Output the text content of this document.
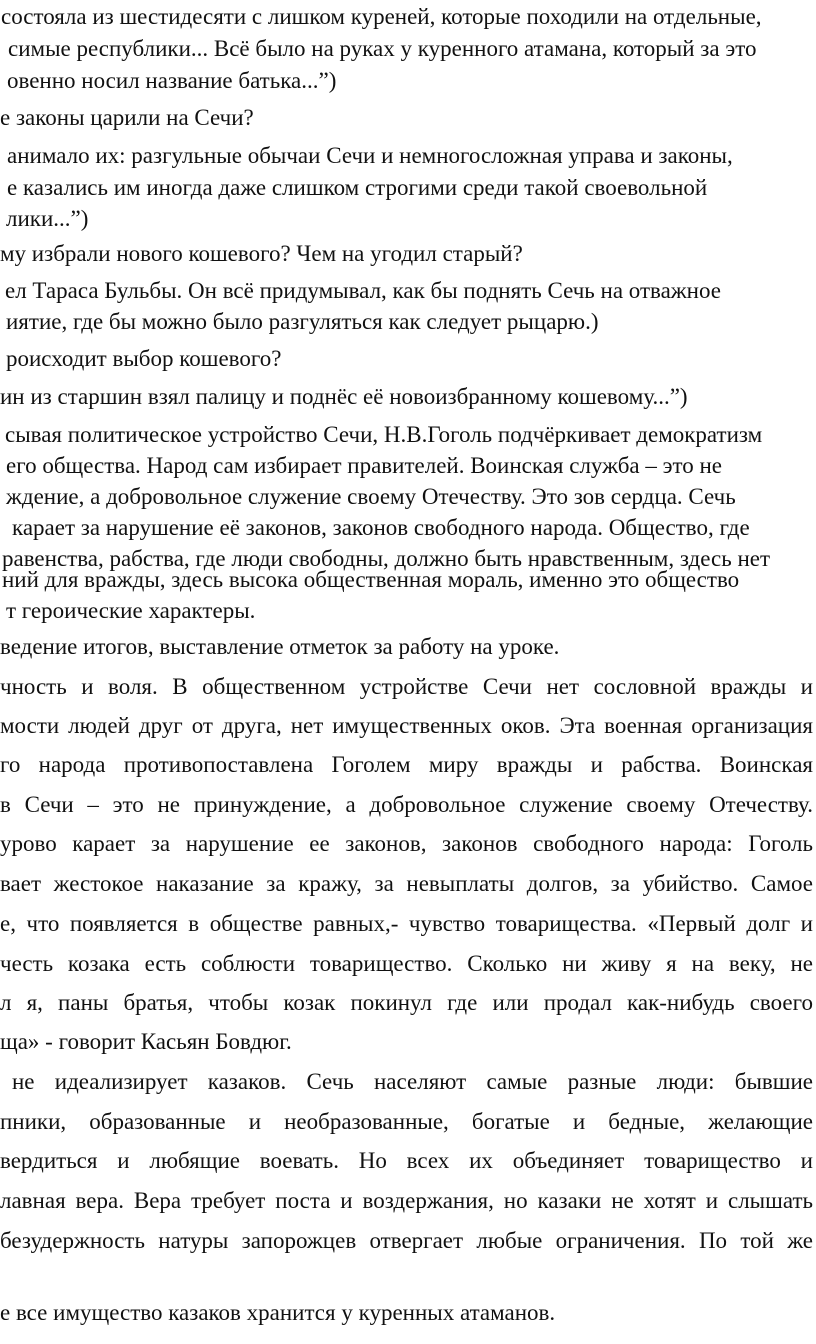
состояла из шестидесяти с лишком куреней, которые походили на отдельные,
симые республики... Всё было на руках у куренного атамана, который за это
овенно носил название батька...”)
е законы царили на Сечи?
анимало их: разгульные обычаи Сечи и немногосложная управа и законы,
е казались им иногда даже слишком строгими среди такой своевольной
лики...”)
му избрали нового кошевого? Чем на угодил старый?
ел Тараса Бульбы. Он всё придумывал, как бы поднять Сечь на отважное
иятие, где бы можно было разгуляться как следует рыцарю.)
роисходит выбор кошевого?
ин из старшин взял палицу и поднёс её новоизбранному кошевому...”)
сывая политическое устройство Сечи, Н.В.Гоголь подчёркивает демократизм
его общества. Народ сам избирает правителей. Воинская служба – это не
ждение, а добровольное служение своему Отечеству. Это зов сердца. Сечь
карает за нарушение её законов, законов свободного народа. Общество, где
равенства, рабства, где люди свободны, должно быть нравственным, здесь нет
ний для вражды, здесь высока общественная мораль, именно это общество
т героические характеры.
ведение итогов, выставление отметок за работу на уроке.
чность и воля. В общественном устройстве Сечи нет сословной вражды и
мости людей друг от друга, нет имущественных оков. Эта военная организация
го народа противопоставлена Гоголем миру вражды и рабства. Воинская
в Сечи – это не принуждение, а добровольное служение своему Отечеству.
урово карает за нарушение ее законов, законов свободного народа: Гоголь
вает жестокое наказание за кражу, за невыплаты долгов, за убийство. Самое
е, что появляется в обществе равных,- чувство товарищества. «Первый долг и
честь козака есть соблюсти товарищество. Сколько ни живу я на веку, не
л я, паны братья, чтобы козак покинул где или продал как-нибудь своего
ща» - говорит Касьян Бовдюг.
не идеализирует казаков. Сечь населяют самые разные люди: бывшие
пники, образованные и необразованные, богатые и бедные, желающие
вердиться и любящие воевать. Но всех их объединяет товарищество и
лавная вера. Вера требует поста и воздержания, но казаки не хотят и слышать
безудержность натуры запорожцев отвергает любые ограничения. По той же
е все имущество казаков хранится у куренных атаманов.
